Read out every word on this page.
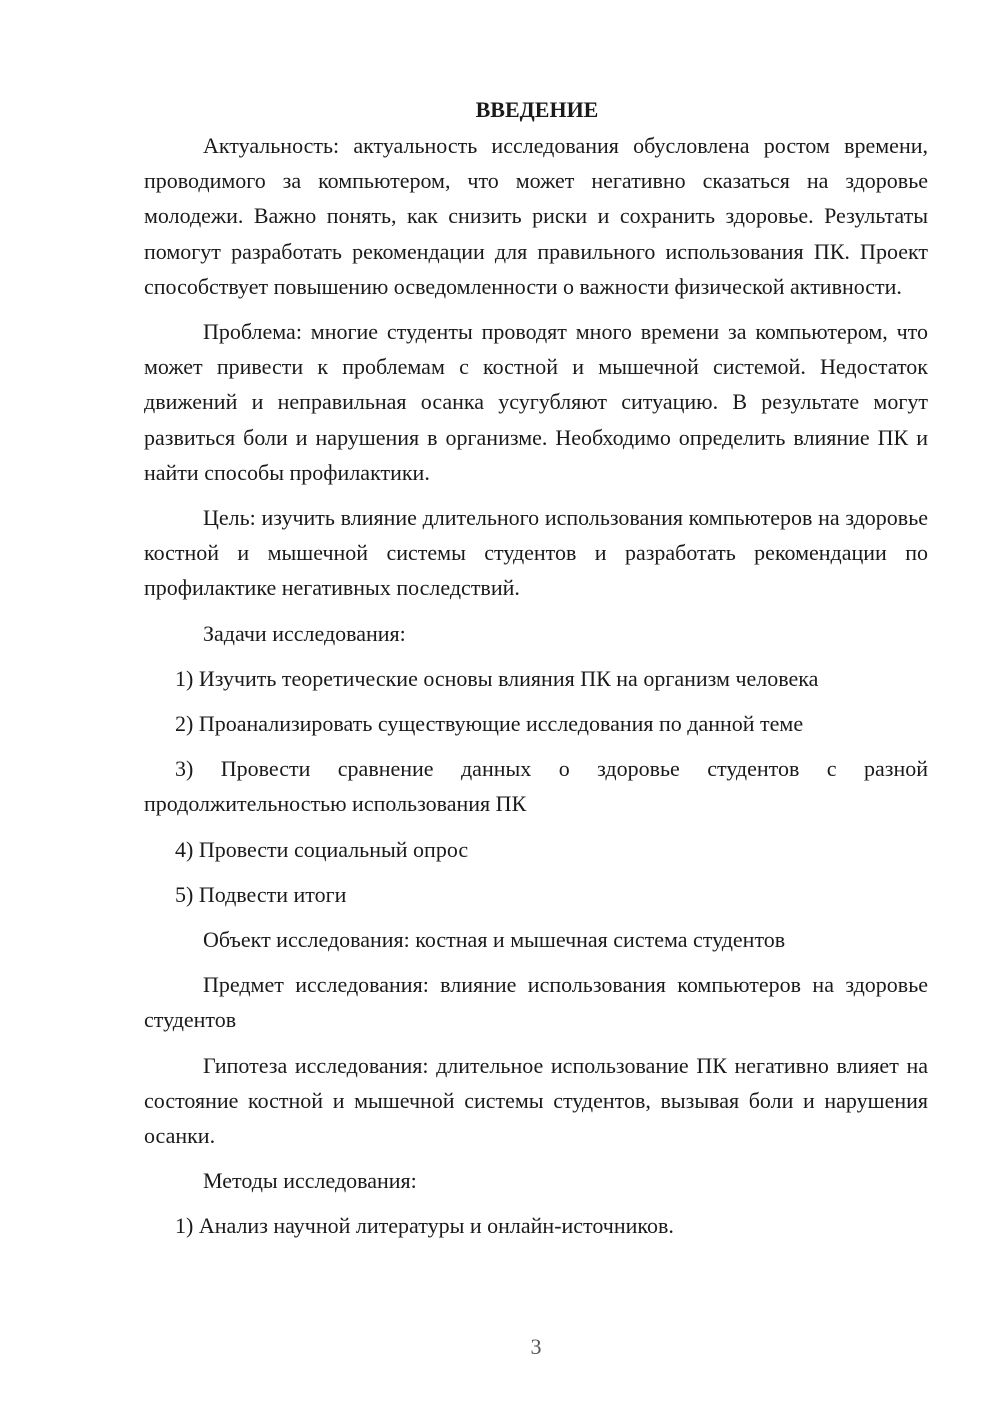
ВВЕДЕНИЕ

Актуальность: актуальность исследования обусловлена ростом времени, проводимого за компьютером, что может негативно сказаться на здоровье молодежи. Важно понять, как снизить риски и сохранить здоровье. Результаты помогут разработать рекомендации для правильного использования ПК. Проект способствует повышению осведомленности о важности физической активности.

Проблема: многие студенты проводят много времени за компьютером, что может привести к проблемам с костной и мышечной системой. Недостаток движений и неправильная осанка усугубляют ситуацию. В результате могут развиться боли и нарушения в организме. Необходимо определить влияние ПК и найти способы профилактики.

Цель: изучить влияние длительного использования компьютеров на здоровье костной и мышечной системы студентов и разработать рекомендации по профилактике негативных последствий.

Задачи исследования:

1) Изучить теоретические основы влияния ПК на организм человека

2) Проанализировать существующие исследования по данной теме

3) Провести сравнение данных о здоровье студентов с разной продолжительностью использования ПК

4) Провести социальный опрос

5) Подвести итоги

Объект исследования: костная и мышечная система студентов

Предмет исследования: влияние использования компьютеров на здоровье студентов

Гипотеза исследования: длительное использование ПК негативно влияет на состояние костной и мышечной системы студентов, вызывая боли и нарушения осанки.

Методы исследования:

1) Анализ научной литературы и онлайн-источников.

3
